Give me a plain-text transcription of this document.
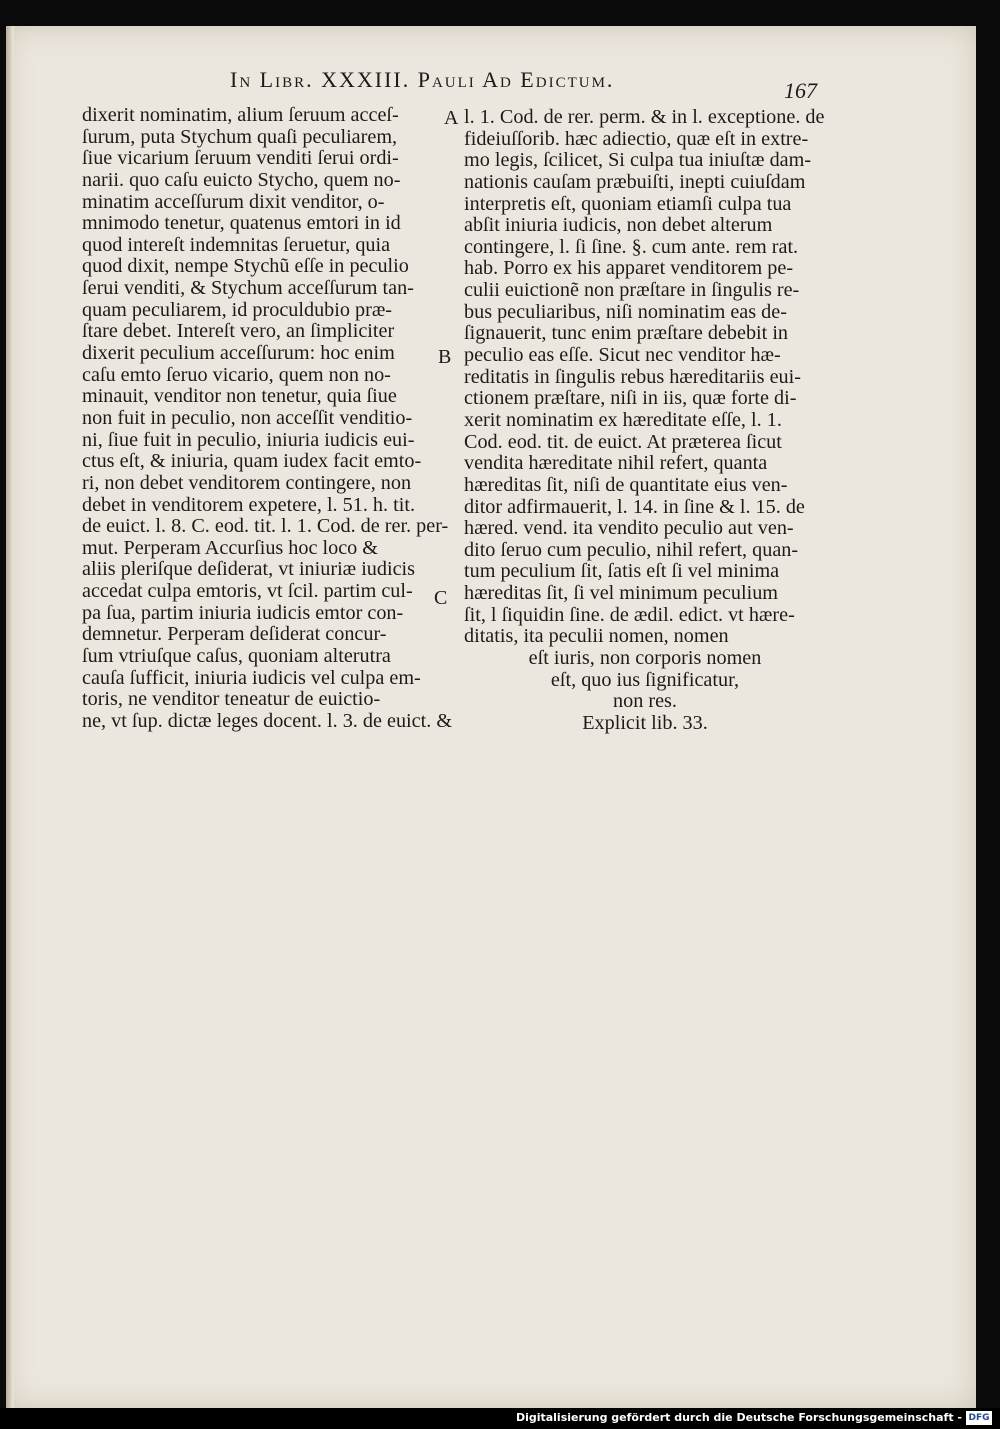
In Libr. XXXIII. Pauli Ad Edictum.	167
A
B
C
dixerit nominatim, alium ſeruum acceſ-
ſurum, puta Stychum quaſi peculiarem,
ſiue vicarium ſeruum venditi ſerui ordi-
narii. quo caſu euicto Stycho, quem no-
minatim acceſſurum dixit venditor, o-
mnimodo tenetur, quatenus emtori in id
quod intereſt indemnitas ſeruetur, quia
quod dixit, nempe Stychũ eſſe in peculio
ſerui venditi, & Stychum acceſſurum tan-
quam peculiarem, id proculdubio præ-
ſtare debet. Intereſt vero, an ſimpliciter
dixerit peculium acceſſurum: hoc enim
caſu emto ſeruo vicario, quem non no-
minauit, venditor non tenetur, quia ſiue
non fuit in peculio, non acceſſit venditio-
ni, ſiue fuit in peculio, iniuria iudicis eui-
ctus eſt, & iniuria, quam iudex facit emto-
ri, non debet venditorem contingere, non
debet in venditorem expetere, l. 51. h. tit.
de euict. l. 8. C. eod. tit. l. 1. Cod. de rer. per-
mut. Perperam Accurſius hoc loco &
aliis pleriſque deſiderat, vt iniuriæ iudicis
accedat culpa emtoris, vt ſcil. partim cul-
pa ſua, partim iniuria iudicis emtor con-
demnetur. Perperam deſiderat concur-
ſum vtriuſque caſus, quoniam alterutra
cauſa ſufficit, iniuria iudicis vel culpa em-
toris, ne venditor teneatur de euictio-
ne, vt ſup. dictæ leges docent. l. 3. de euict. &
l. 1. Cod. de rer. perm. & in l. exceptione. de
fideiuſſorib. hæc adiectio, quæ eſt in extre-
mo legis, ſcilicet, Si culpa tua iniuſtæ dam-
nationis cauſam præbuiſti, inepti cuiuſdam
interpretis eſt, quoniam etiamſi culpa tua
abſit iniuria iudicis, non debet alterum
contingere, l. ſi ſine. §. cum ante. rem rat.
hab. Porro ex his apparet venditorem pe-
culii euictionẽ non præſtare in ſingulis re-
bus peculiaribus, niſi nominatim eas de-
ſignauerit, tunc enim præſtare debebit in
peculio eas eſſe. Sicut nec venditor hæ-
reditatis in ſingulis rebus hæreditariis eui-
ctionem præſtare, niſi in iis, quæ forte di-
xerit nominatim ex hæreditate eſſe, l. 1.
Cod. eod. tit. de euict. At præterea ſicut
vendita hæreditate nihil refert, quanta
hæreditas ſit, niſi de quantitate eius ven-
ditor adfirmauerit, l. 14. in ſine & l. 15. de
hæred. vend. ita vendito peculio aut ven-
dito ſeruo cum peculio, nihil refert, quan-
tum peculium ſit, ſatis eſt ſi vel minima
hæreditas ſit, ſi vel minimum peculium
ſit, l ſiquidin ſine. de ædil. edict. vt hære-
ditatis, ita peculii nomen, nomen
eſt iuris, non corporis nomen
eſt, quo ius ſignificatur,
non res.
Explicit lib. 33.
Digitalisierung gefördert durch die Deutsche Forschungsgemeinschaft - DFG
